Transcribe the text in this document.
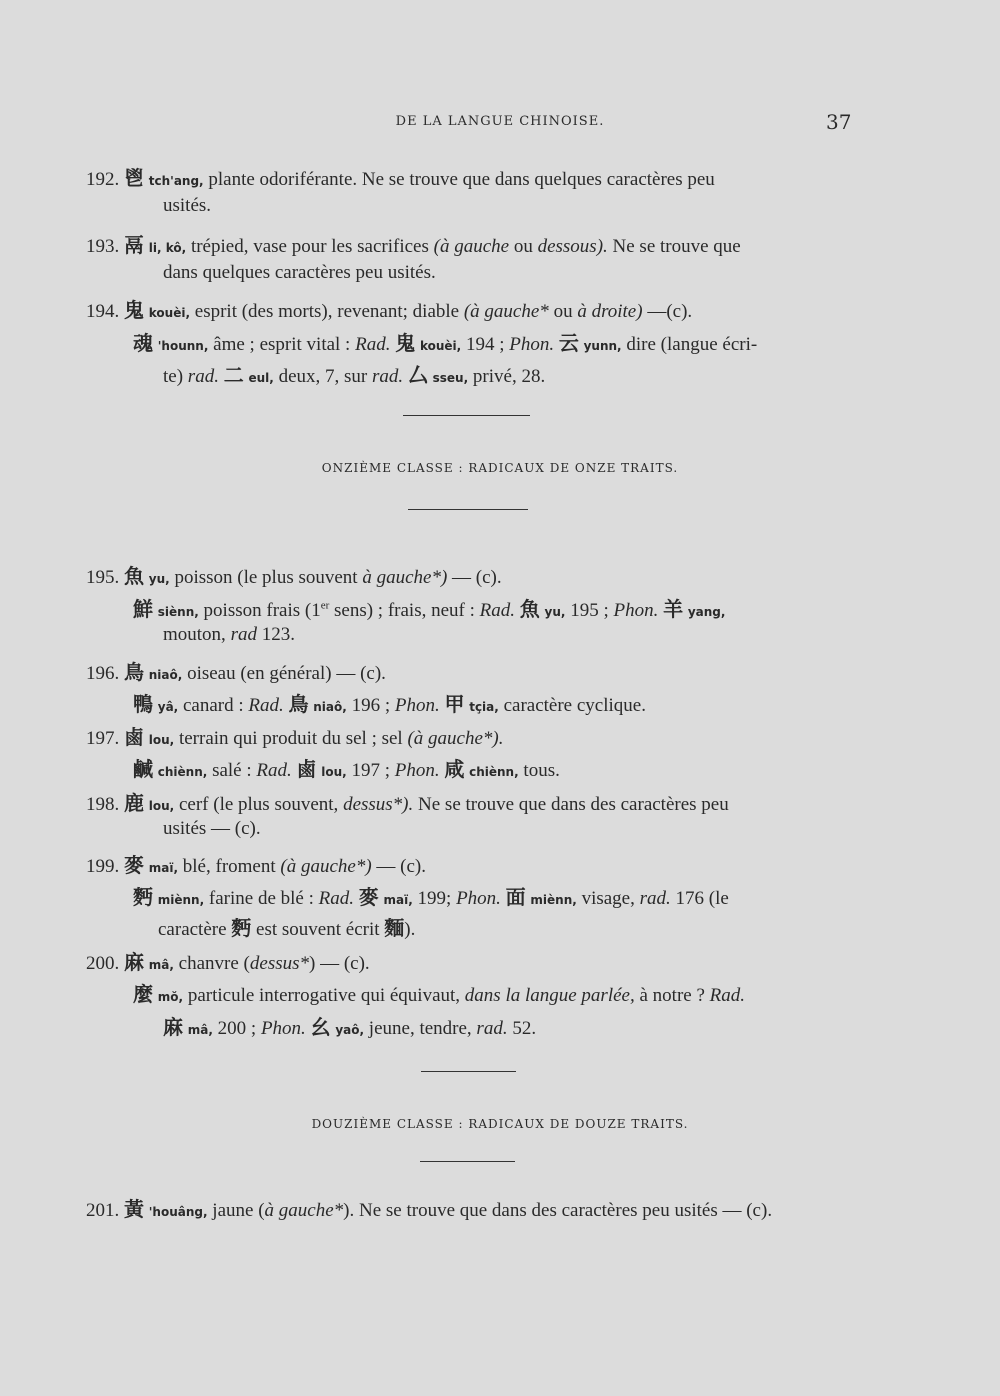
DE LA LANGUE CHINOISE.	37
192. 鬯 tch'ang, plante odoriférante. Ne se trouve que dans quelques caractères peu
usités.
193. 鬲 li, kô, trépied, vase pour les sacrifices (à gauche ou dessous). Ne se trouve que
dans quelques caractères peu usités.
194. 鬼 kouèi, esprit (des morts), revenant; diable (à gauche* ou à droite) —(c).
魂 'hounn, âme ; esprit vital : Rad. 鬼 kouèi, 194 ; Phon. 云 yunn, dire (langue écri-
te) rad. 二 eul, deux, 7, sur rad. 厶 sseu, privé, 28.
ONZIÈME CLASSE : RADICAUX DE ONZE TRAITS.
195. 魚 yu, poisson (le plus souvent à gauche*) — (c).
鮮 siènn, poisson frais (1er sens) ; frais, neuf : Rad. 魚 yu, 195 ; Phon. 羊 yang,
mouton, rad 123.
196. 鳥 niaô, oiseau (en général) — (c).
鴨 yâ, canard : Rad. 鳥 niaô, 196 ; Phon. 甲 tçia, caractère cyclique.
197. 鹵 lou, terrain qui produit du sel ; sel (à gauche*).
鹹 chiènn, salé : Rad. 鹵 lou, 197 ; Phon. 咸 chiènn, tous.
198. 鹿 lou, cerf (le plus souvent, dessus*). Ne se trouve que dans des caractères peu
usités — (c).
199. 麥 maï, blé, froment (à gauche*) — (c).
麪 miènn, farine de blé : Rad. 麥 maï, 199; Phon. 面 miènn, visage, rad. 176 (le
caractère 麪 est souvent écrit 麵).
200. 麻 mâ, chanvre (dessus*) — (c).
麼 mŏ, particule interrogative qui équivaut, dans la langue parlée, à notre ? Rad.
麻 mâ, 200 ; Phon. 幺 yaô, jeune, tendre, rad. 52.
DOUZIÈME CLASSE : RADICAUX DE DOUZE TRAITS.
201. 黃 'houâng, jaune (à gauche*). Ne se trouve que dans des caractères peu usités — (c).
